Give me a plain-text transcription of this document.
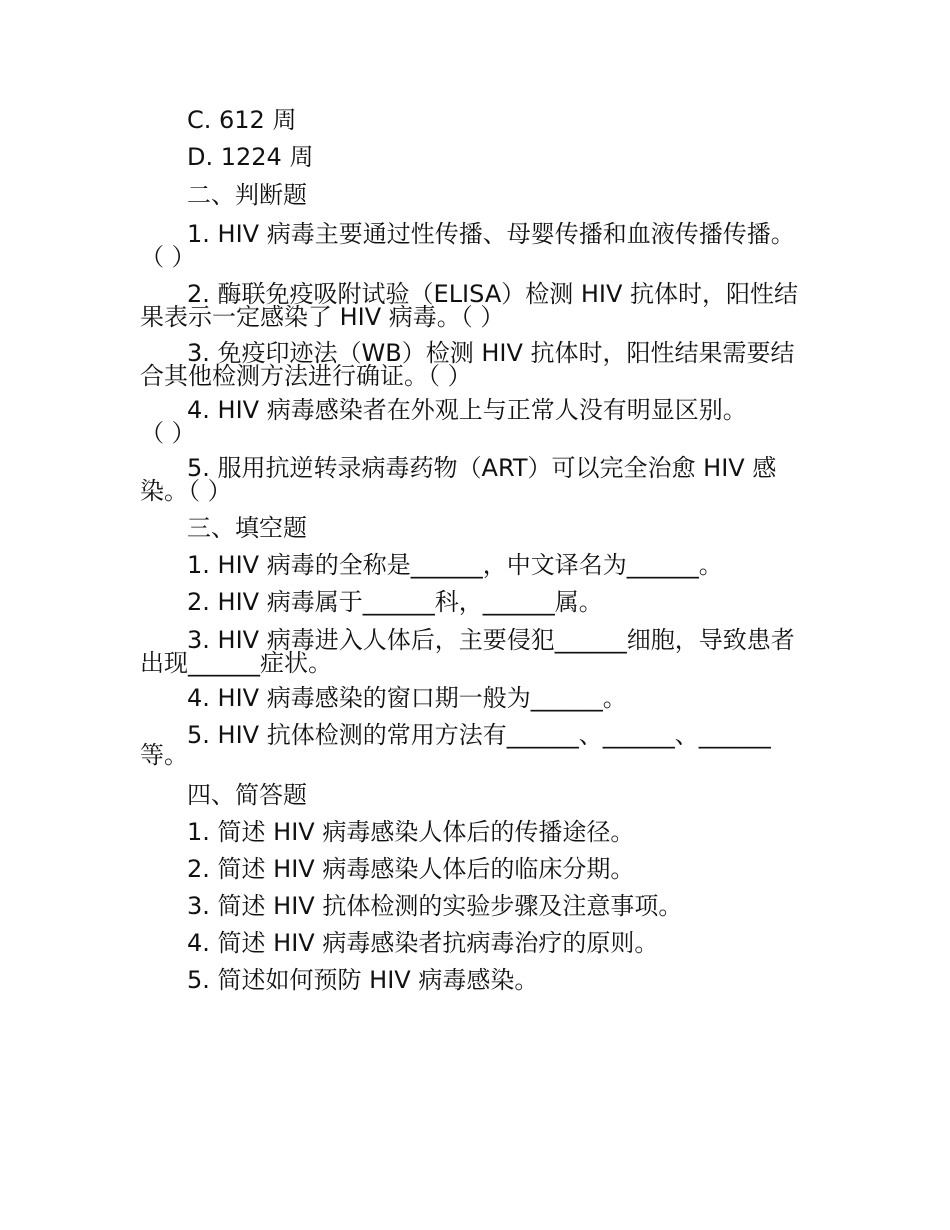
C. 612 周
D. 1224 周
二、判断题
1. HIV 病毒主要通过性传播、母婴传播和血液传播传播。
（ ）
2. 酶联免疫吸附试验（ELISA）检测 HIV 抗体时，阳性结
果表示一定感染了 HIV 病毒。（ ）
3. 免疫印迹法（WB）检测 HIV 抗体时，阳性结果需要结
合其他检测方法进行确证。（ ）
4. HIV 病毒感染者在外观上与正常人没有明显区别。
（ ）
5. 服用抗逆转录病毒药物（ART）可以完全治愈 HIV 感
染。（ ）
三、填空题
1. HIV 病毒的全称是______，中文译名为______。
2. HIV 病毒属于______科，______属。
3. HIV 病毒进入人体后，主要侵犯______细胞，导致患者
出现______症状。
4. HIV 病毒感染的窗口期一般为______。
5. HIV 抗体检测的常用方法有______、______、______
等。
四、简答题
1. 简述 HIV 病毒感染人体后的传播途径。
2. 简述 HIV 病毒感染人体后的临床分期。
3. 简述 HIV 抗体检测的实验步骤及注意事项。
4. 简述 HIV 病毒感染者抗病毒治疗的原则。
5. 简述如何预防 HIV 病毒感染。
